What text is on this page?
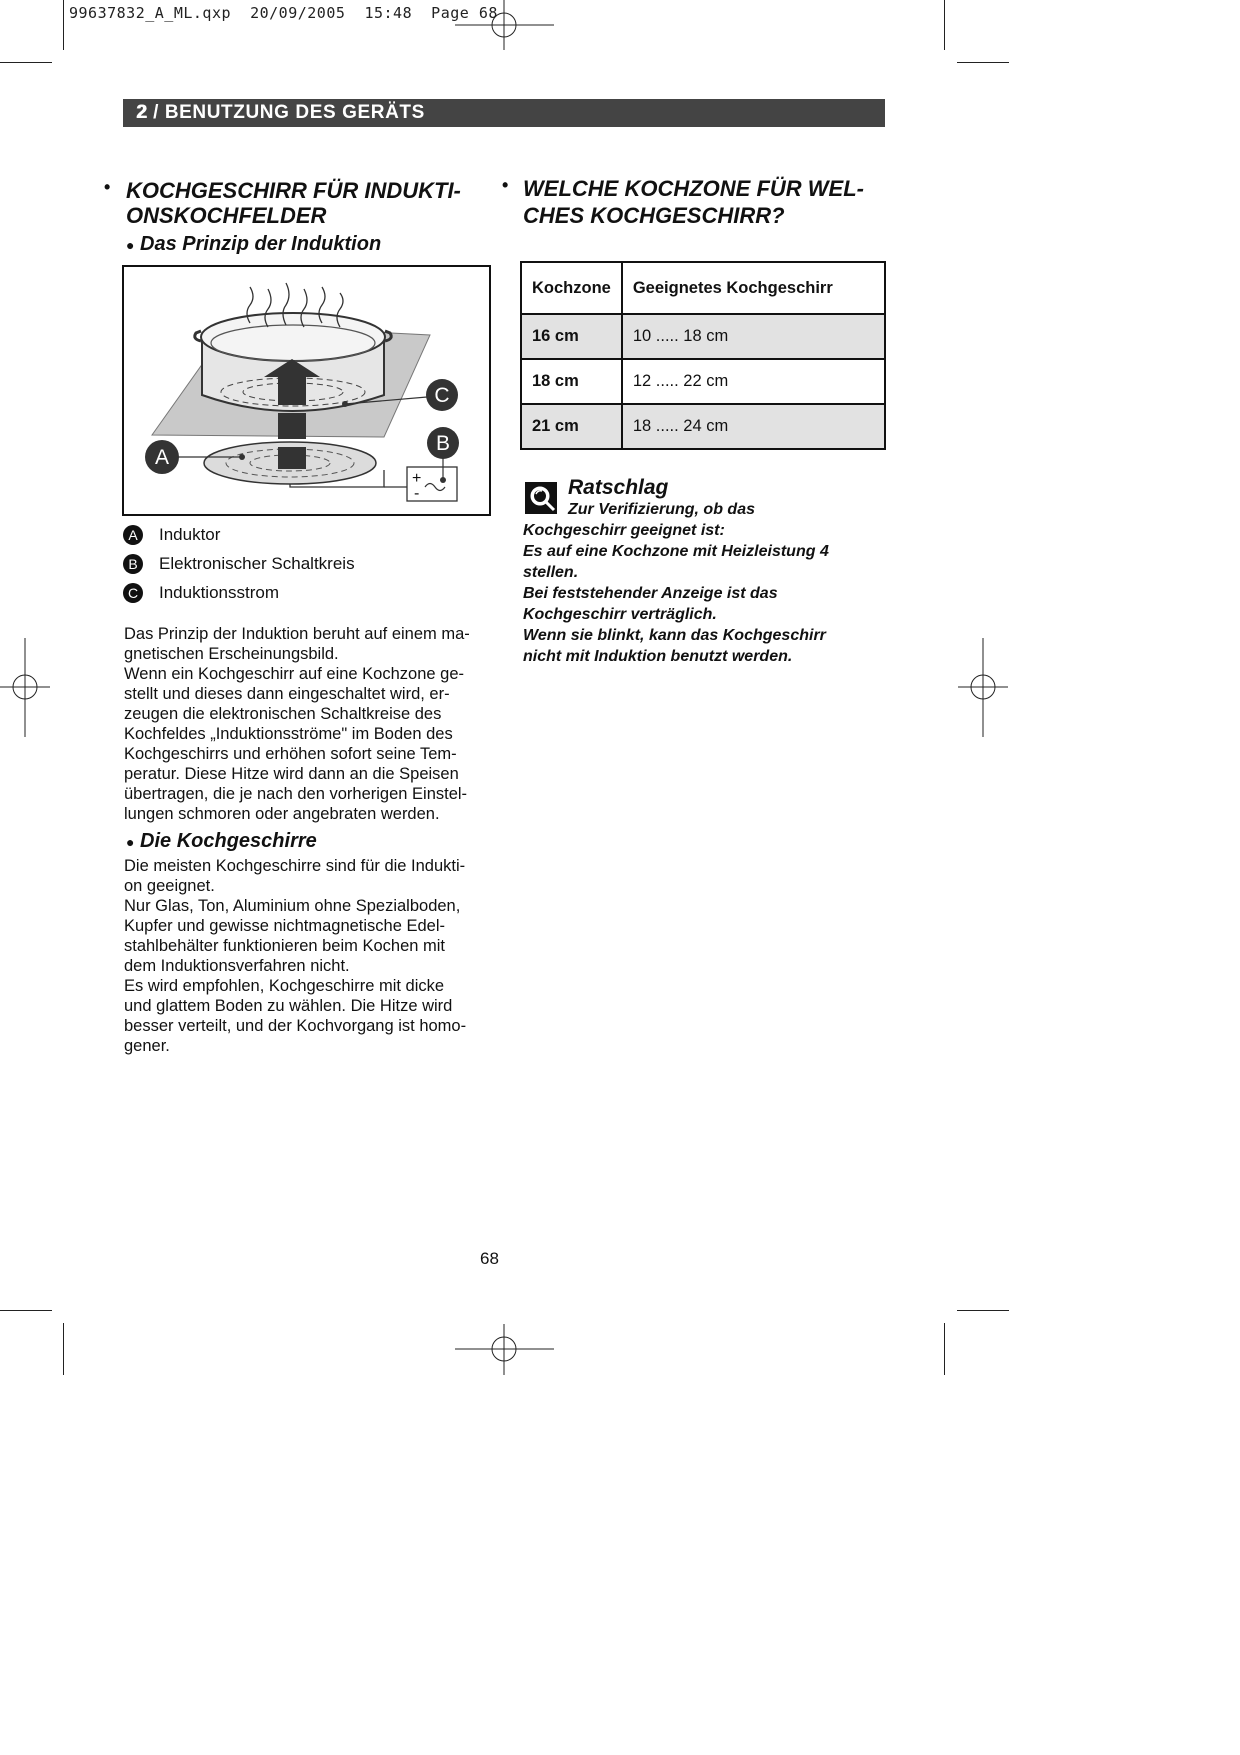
99637832_A_ML.qxp  20/09/2005  15:48  Page 68
2 / BENUTZUNG DES GERÄTS
• KOCHGESCHIRR FÜR INDUKTI-
ONSKOCHFELDER
● Das Prinzip der Induktion
+
-
A
B
C
A	Induktor
B	Elektronischer Schaltkreis
C Induktionsstrom
Das Prinzip der Induktion beruht auf einem ma-
gnetischen Erscheinungsbild.
Wenn ein Kochgeschirr auf eine Kochzone ge-
stellt und dieses dann eingeschaltet wird, er-
zeugen die elektronischen Schaltkreise des
Kochfeldes „Induktionsströme" im Boden des
Kochgeschirrs und erhöhen sofort seine Tem-
peratur. Diese Hitze wird dann an die Speisen
übertragen, die je nach den vorherigen Einstel-
lungen schmoren oder angebraten werden.
● Die Kochgeschirre
Die meisten Kochgeschirre sind für die Indukti-
on geeignet.
Nur Glas, Ton, Aluminium ohne Spezialboden,
Kupfer und gewisse nichtmagnetische Edel-
stahlbehälter funktionieren beim Kochen mit
dem Induktionsverfahren nicht.
Es wird empfohlen, Kochgeschirre mit dicke
und glattem Boden zu wählen. Die Hitze wird
besser verteilt, und der Kochvorgang ist homo-
gener.
• WELCHE KOCHZONE FÜR WEL-
CHES KOCHGESCHIRR?
Kochzone	Geeignetes Kochgeschirr
16 cm	10 ..... 18 cm
18 cm	12 ..... 22 cm
21 cm	18 ..... 24 cm
Ratschlag
Zur Verifizierung, ob das
Kochgeschirr geeignet ist:
Es auf eine Kochzone mit Heizleistung 4
stellen.
Bei feststehender Anzeige ist das
Kochgeschirr verträglich.
Wenn sie blinkt, kann das Kochgeschirr
nicht mit Induktion benutzt werden.
68
